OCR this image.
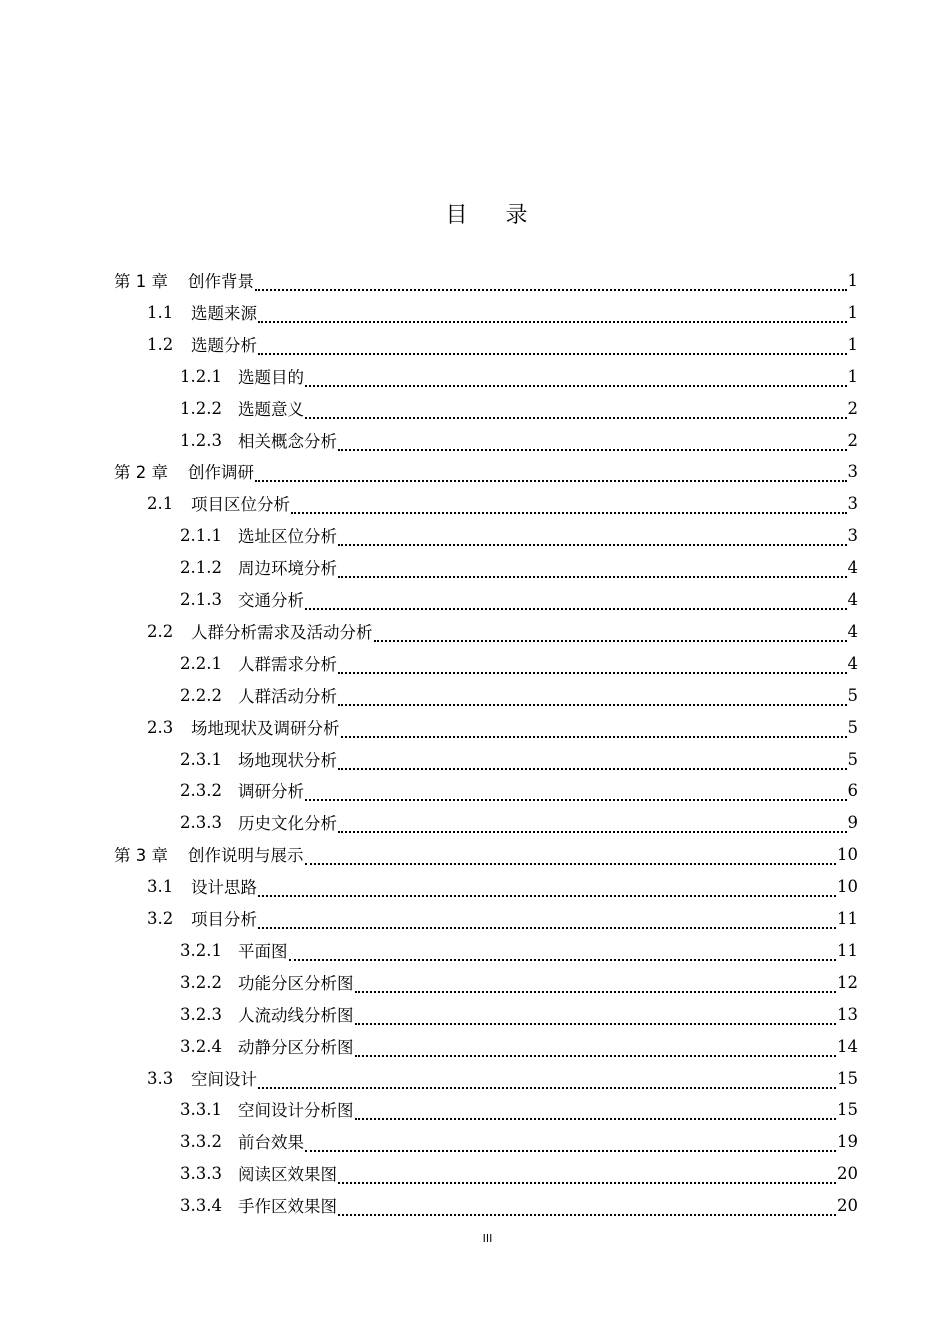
目    录
第 1 章	创作背景	1
1.1	选题来源	1
1.2	选题分析	1
1.2.1 选题目的	1
1.2.2 选题意义	2
1.2.3 相关概念分析	2
第 2 章	创作调研	3
2.1	项目区位分析	3
2.1.1 选址区位分析	3
2.1.2 周边环境分析	4
2.1.3 交通分析	4
2.2	人群分析需求及活动分析	4
2.2.1 人群需求分析	4
2.2.2 人群活动分析	5
2.3	场地现状及调研分析	5
2.3.1 场地现状分析	5
2.3.2 调研分析	6
2.3.3 历史文化分析	9
第 3 章	创作说明与展示	10
3.1	设计思路	10
3.2	项目分析	11
3.2.1 平面图	11
3.2.2 功能分区分析图	12
3.2.3 人流动线分析图	13
3.2.4 动静分区分析图	14
3.3	空间设计	15
3.3.1 空间设计分析图	15
3.3.2 前台效果	19
3.3.3 阅读区效果图	20
3.3.4 手作区效果图	20
III
